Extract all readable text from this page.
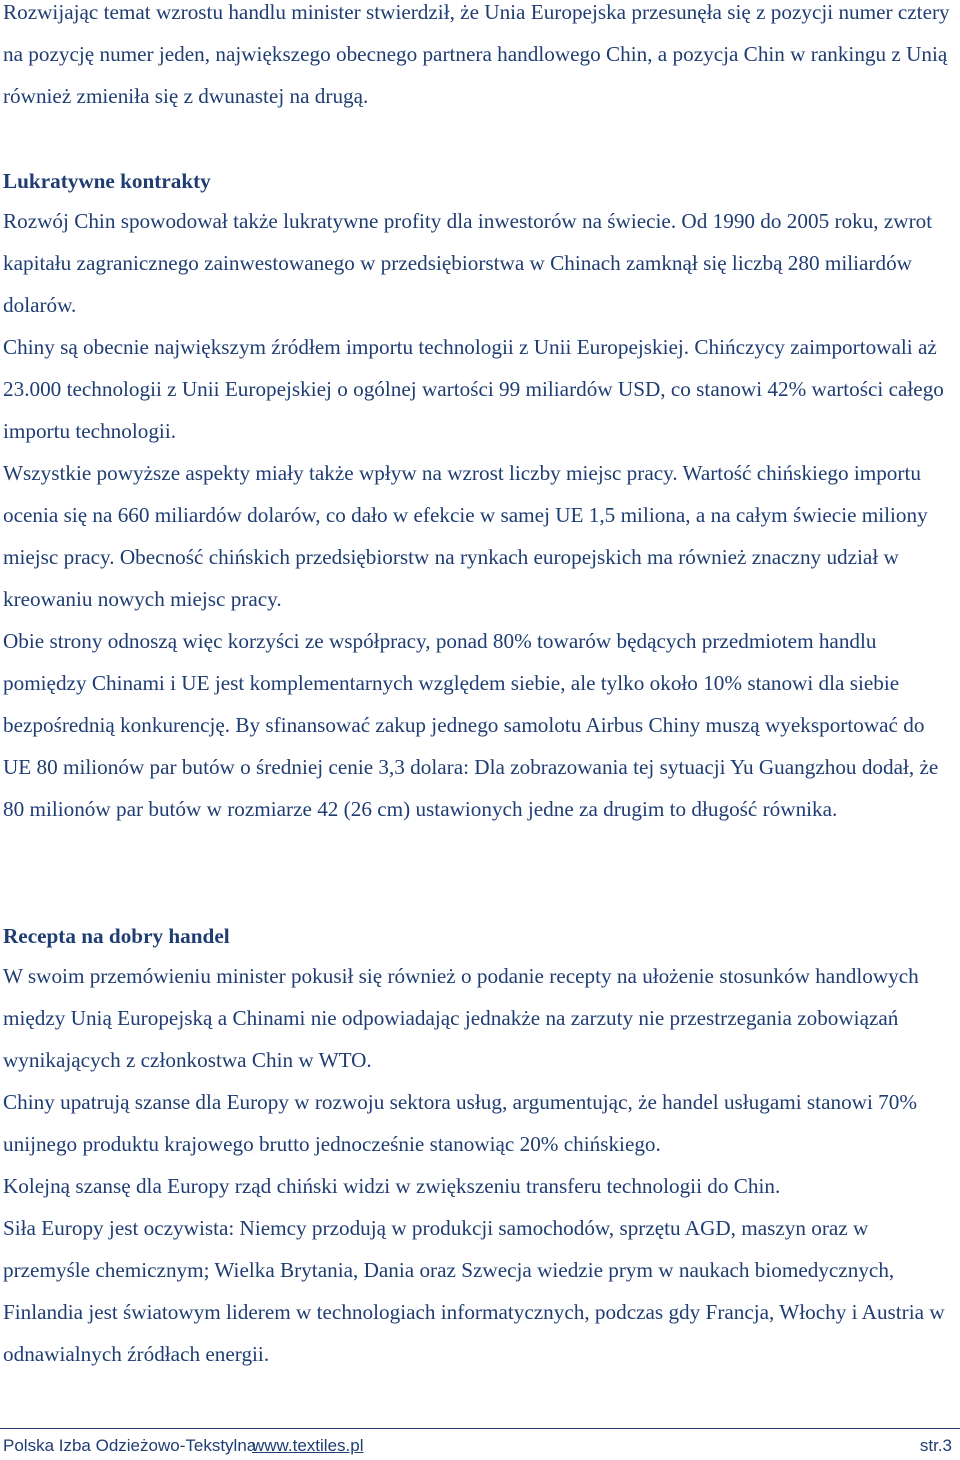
Rozwijając temat wzrostu handlu minister stwierdził, że Unia Europejska przesunęła się z pozycji numer cztery na pozycję numer jeden, największego obecnego partnera handlowego Chin, a pozycja Chin w rankingu z Unią również zmieniła się z dwunastej na drugą.

Lukratywne kontrakty

Rozwój Chin spowodował także lukratywne profity dla inwestorów na świecie. Od 1990 do 2005 roku, zwrot kapitału zagranicznego zainwestowanego w przedsiębiorstwa w Chinach zamknął się liczbą 280 miliardów dolarów.

Chiny są obecnie największym źródłem importu technologii z Unii Europejskiej. Chińczycy zaimportowali aż 23.000 technologii z Unii Europejskiej o ogólnej wartości 99 miliardów USD, co stanowi 42% wartości całego importu technologii.

Wszystkie powyższe aspekty miały także wpływ na wzrost liczby miejsc pracy. Wartość chińskiego importu ocenia się na 660 miliardów dolarów, co dało w efekcie w samej UE 1,5 miliona, a na całym świecie miliony miejsc pracy. Obecność chińskich przedsiębiorstw na rynkach europejskich ma również znaczny udział w kreowaniu nowych miejsc pracy.

Obie strony odnoszą więc korzyści ze współpracy, ponad 80% towarów będących przedmiotem handlu pomiędzy Chinami i UE jest komplementarnych względem siebie, ale tylko około 10% stanowi dla siebie bezpośrednią konkurencję. By sfinansować zakup jednego samolotu Airbus Chiny muszą wyeksportować do UE 80 milionów par butów o średniej cenie 3,3 dolara: Dla zobrazowania tej sytuacji Yu Guangzhou dodał, że 80 milionów par butów w rozmiarze 42 (26 cm) ustawionych jedne za drugim to długość równika.

Recepta na dobry handel

W swoim przemówieniu minister pokusił się również o podanie recepty na ułożenie stosunków handlowych między Unią Europejską a Chinami nie odpowiadając jednakże na zarzuty nie przestrzegania zobowiązań wynikających z członkostwa Chin w WTO.

Chiny upatrują szanse dla Europy w rozwoju sektora usług, argumentując, że handel usługami stanowi 70% unijnego produktu krajowego brutto jednocześnie stanowiąc 20% chińskiego.

Kolejną szansę dla Europy rząd chiński widzi w zwiększeniu transferu technologii do Chin.

Siła Europy jest oczywista: Niemcy przodują w produkcji samochodów, sprzętu AGD, maszyn oraz w przemyśle chemicznym; Wielka Brytania, Dania oraz Szwecja wiedzie prym w naukach biomedycznych, Finlandia jest światowym liderem w technologiach informatycznych, podczas gdy Francja, Włochy i Austria w odnawialnych źródłach energii.

Polska Izba Odzieżowo-Tekstylna
www.textiles.pl	str.3
